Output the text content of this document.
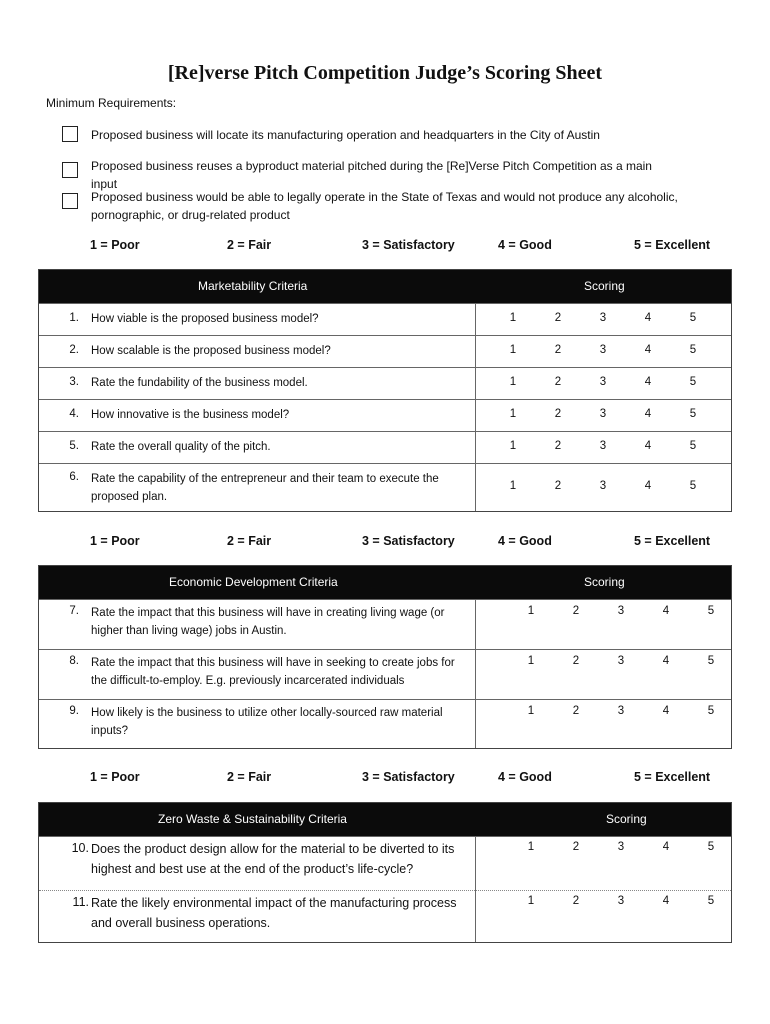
[Re]verse Pitch Competition Judge’s Scoring Sheet
Minimum Requirements:
Proposed business will locate its manufacturing operation and headquarters in the City of Austin
Proposed business reuses a byproduct material pitched during the [Re]Verse Pitch Competition as a main input
Proposed business would be able to legally operate in the State of Texas and would not produce any alcoholic, pornographic, or drug-related product
1 = Poor	2 = Fair	3 = Satisfactory	4 = Good	5 = Excellent
Marketability Criteria	Scoring
1. How viable is the proposed business model?	1	2	3	4	5
2. How scalable is the proposed business model?	1	2	3	4	5
3. Rate the fundability of the business model.	1	2	3	4	5
4. How innovative is the business model?	1	2	3	4	5
5. Rate the overall quality of the pitch.	1	2	3	4	5
6. Rate the capability of the entrepreneur and their team to execute the proposed plan.
1	2	3	4	5
1 = Poor	2 = Fair	3 = Satisfactory	4 = Good	5 = Excellent
Economic Development Criteria	Scoring
7. Rate the impact that this business will have in creating living wage (or higher than living wage) jobs in Austin.
1	2	3	4	5
8. Rate the impact that this business will have in seeking to create jobs for the difficult-to-employ. E.g. previously incarcerated individuals
1	2	3	4	5
9. How likely is the business to utilize other locally-sourced raw material inputs?
1	2	3	4	5
1 = Poor	2 = Fair	3 = Satisfactory	4 = Good	5 = Excellent
Zero Waste & Sustainability Criteria	Scoring
10. Does the product design allow for the material to be diverted to its highest and best use at the end of the product’s life-cycle?
1	2	3	4	5
11. Rate the likely environmental impact of the manufacturing process and overall business operations.
1	2	3	4	5
